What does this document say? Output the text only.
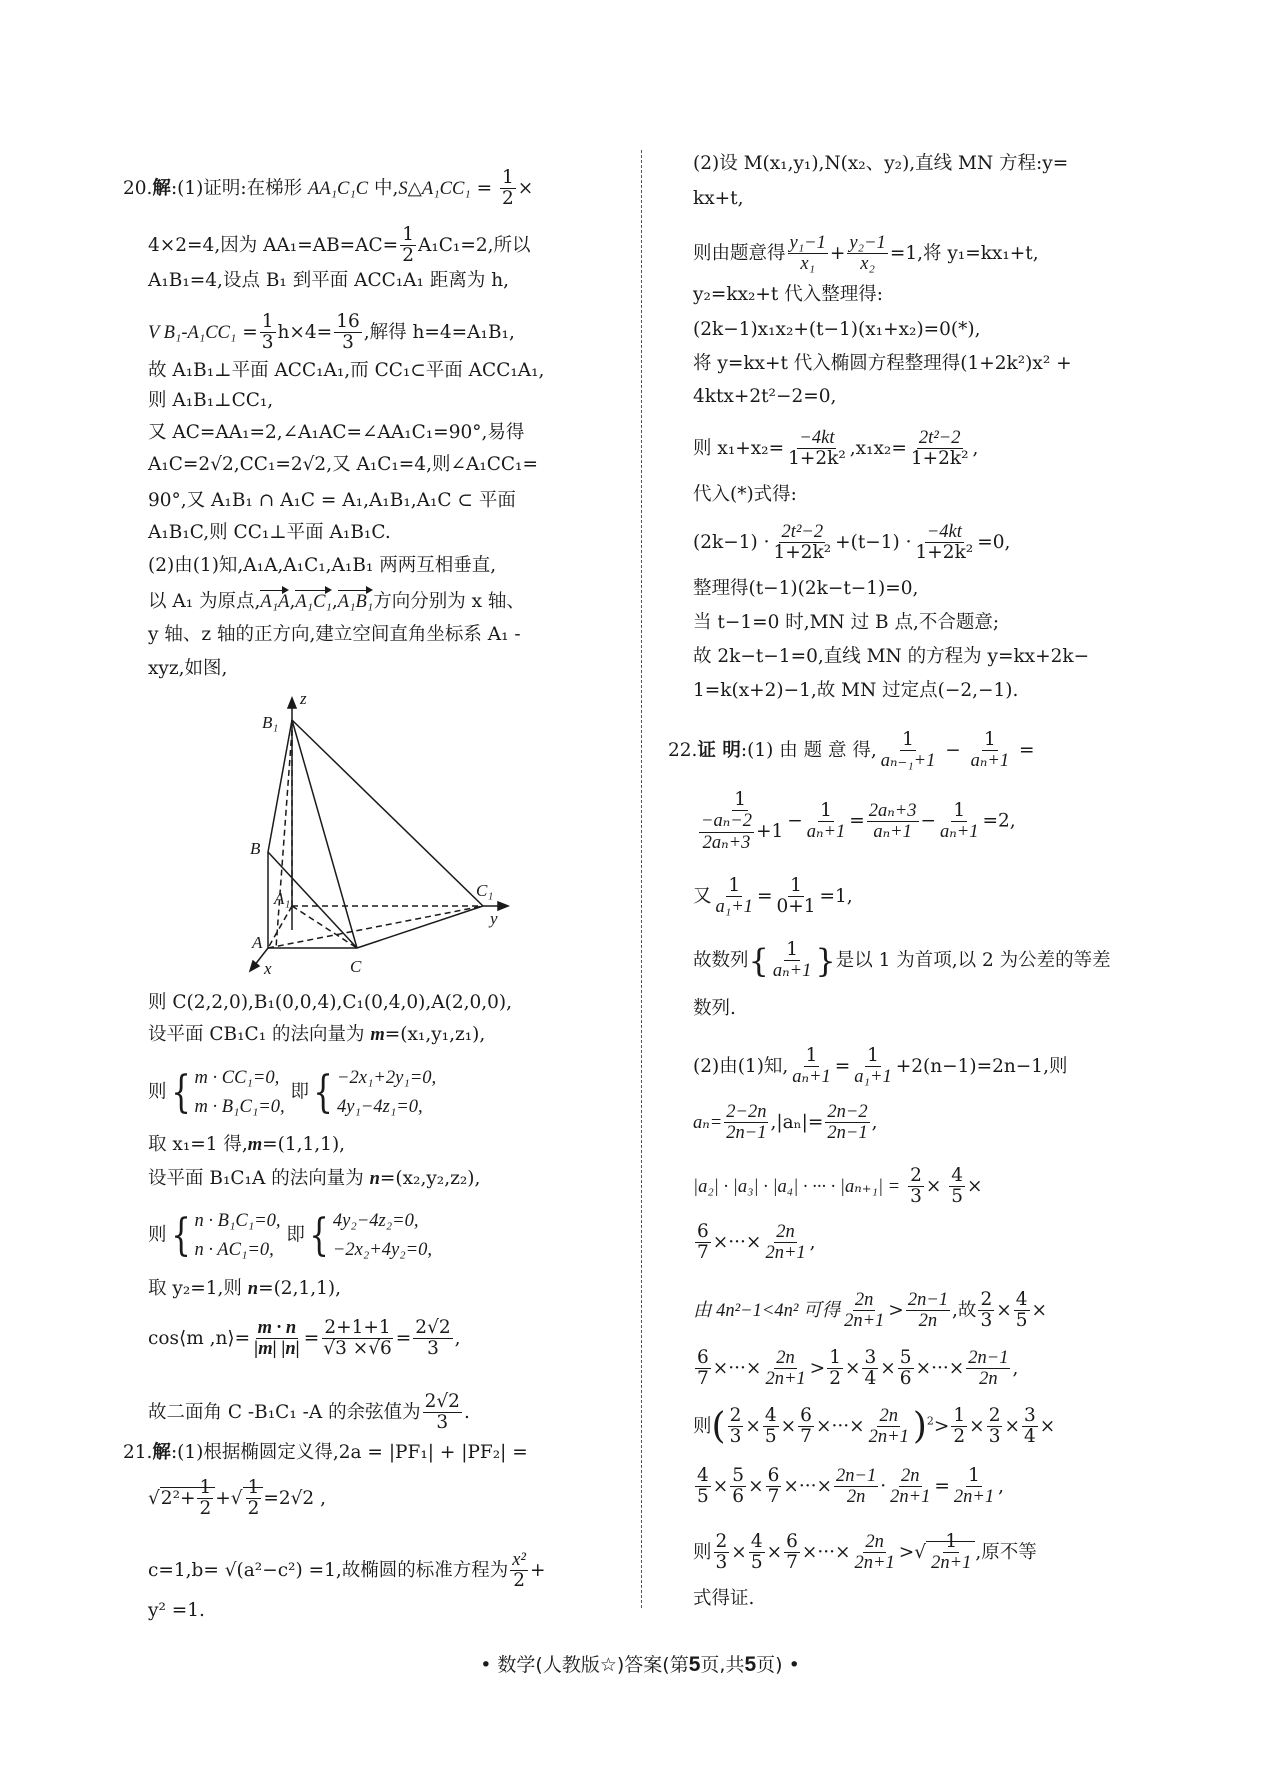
20.解:(1)证明:在梯形 AA₁C₁C 中,S△A₁CC₁ = $\frac{1}{2}$ ×
4×2=4,因为 $AA_1=AB=AC= \frac{1}{2} A_1C_1=2$,所以
A₁B₁=4,设点 B₁ 到平面 ACC₁A₁ 距离为 h,
V $B_1-A_1CC_1 = \frac{1}{3} h\times 4= \frac{16}{3}$ ,解得 h=4=A₁B₁,
故 A₁B₁⊥平面 ACC₁A₁,而 CC₁⊂平面 ACC₁A₁,
则 A₁B₁⊥CC₁,
又 AC=AA₁=2,∠A₁AC=∠AA₁C₁=90°,易得
A₁C=2√2,CC₁=2√2,又 A₁C₁=4,则∠A₁CC₁=
90°,又 A₁B₁ ∩ A₁C = A₁,A₁B₁,A₁C ⊂ 平面
A₁B₁C,则 CC₁⊥平面 A₁B₁C.
(2)由(1)知,A₁A,A₁C₁,A₁B₁ 两两互相垂直,
以 A₁ 为原点,A₁A,A₁C₁,A₁B₁方向分别为 x 轴、
y 轴、z 轴的正方向,建立空间直角坐标系 A₁ -
xyz,如图,
z
B₁
B
A₁	C₁
y
A
x	C
则 C(2,2,0),B₁(0,0,4),C₁(0,4,0),A(2,0,0),
设平面 CB₁C₁ 的法向量为 m=(x₁,y₁,z₁),
则{ m · CC₁=0,
m · B₁C₁=0,
即{ −2x₁+2y₁=0,
4y₁−4z₁=0,
取 x₁=1 得,m=(1,1,1),
设平面 B₁C₁A 的法向量为 n=(x₂,y₂,z₂),
则{ n · B₁C₁=0,
n · AC₁=0,
即{ 4y₂−4z₂=0,
−2x₂+4y₂=0,
取 y₂=1,则 n=(2,1,1),
cos⟨m ,n⟩= $\frac{m \cdot n}{|m| |n|} = \frac{2+1+1}{√3 \times√6} = \frac{2√2}{3}$ ,
故二面角 C -B₁C₁ -A 的余弦值为 $\frac{2√2}{3}$ .
21.解:(1)根据椭圆定义得,2a = |PF₁| + |PF₂| =
√ $2^2+ \frac{1}{2}$ +√ $\frac{1}{2} =2√2$ ,
c=1,b= √(a²−c²) =1,故椭圆的标准方程为 $\frac{\text{x²}}{2}$ +
y² =1.
(2)设 M(x₁,y₁),N(x₂、y₂),直线 MN 方程:y=
kx+t,
则由题意得 $\frac{\text{y₁−1}}{\text{x₁}} + \frac{\text{y₂−1}}{\text{x₂}} =1$,将 y₁=kx₁+t,
y₂=kx₂+t 代入整理得:
(2k−1)x₁x₂+(t−1)(x₁+x₂)=0(*),
将 y=kx+t 代入椭圆方程整理得(1+2k²)x² +
4ktx+2t²−2=0,
则 $x_1+x_2= \frac{-4kt}{\text{1+2k²}} ,x_1x_2= \frac{\text{2t²−2}}{\text{1+2k²}}$ ,
代入(*)式得:
$(2k-1) \cdot \frac{\text{2t²−2}}{\text{1+2k²}} +(t-1) \cdot \frac{-4kt}{\text{1+2k²}} =0$,
整理得(t−1)(2k−t−1)=0,
当 t−1=0 时,MN 过 B 点,不合题意;
故 2k−t−1=0,直线 MN 的方程为 y=kx+2k−
1=k(x+2)−1,故 MN 过定点(−2,−1).
22.证 明:(1) 由 题 意 得, $\frac{1}{\text{aₙ₋₁+1}} - \frac{1}{\text{aₙ+1}}$ =
$\frac{1}{\frac{\text{−aₙ−2}}{\text{2aₙ+3}} +1} - \frac{1}{\text{aₙ+1}} = \frac{\text{2aₙ+3}}{\text{aₙ+1}} - \frac{1}{\text{aₙ+1}} =2$,
又 $\frac{1}{\text{a₁+1}} = \frac{1}{0+1} =1$,
故数列{ $\frac{1}{\text{aₙ+1}}$ }是以 1 为首项,以 2 为公差的等差
数列.
(2)由(1)知, $\frac{1}{\text{aₙ+1}} = \frac{1}{\text{a₁+1}} +2(n-1)=2n-1$,则
$a_n= \frac{2-2n}{2n-1} ,|a_n|= \frac{2n-2}{2n-1}$ ,
|a₂| · |a₃| · |a₄| · ··· · $|a_{n+1}| = \frac{2}{3} \times \frac{4}{5}$ ×
$\frac{6}{7}$ ×···× $\frac{2n}{2n+1}$ ,
由 4n²−1<4n² 可得 $\frac{2n}{2n+1} > \frac{2n-1}{2n}$ ,故 $\frac{2}{3} \times \frac{4}{5}$ ×
$\frac{6}{7}$ ×···× $\frac{2n}{2n+1} > \frac{1}{2} \times \frac{3}{4} \times \frac{5}{6}$ ×···× $\frac{2n-1}{2n}$ ,
则( $\frac{2}{3} \times \frac{4}{5} \times \frac{6}{7}$ ×···× $\frac{2n}{2n+1} )^2> \frac{1}{2} \times \frac{2}{3} \times \frac{3}{4}$ ×
$\frac{4}{5} \times \frac{5}{6} \times \frac{6}{7}$ ×···× $\frac{2n-1}{2n} \cdot \frac{2n}{2n+1} = \frac{1}{2n+1}$ ,
则 $\frac{2}{3} \times \frac{4}{5} \times \frac{6}{7}$ ×···× $\frac{2n}{2n+1}$ >√ $\frac{1}{2n+1}$ ,原不等
式得证.
• 数学(人教版☆)答案(第5页,共5页) •
